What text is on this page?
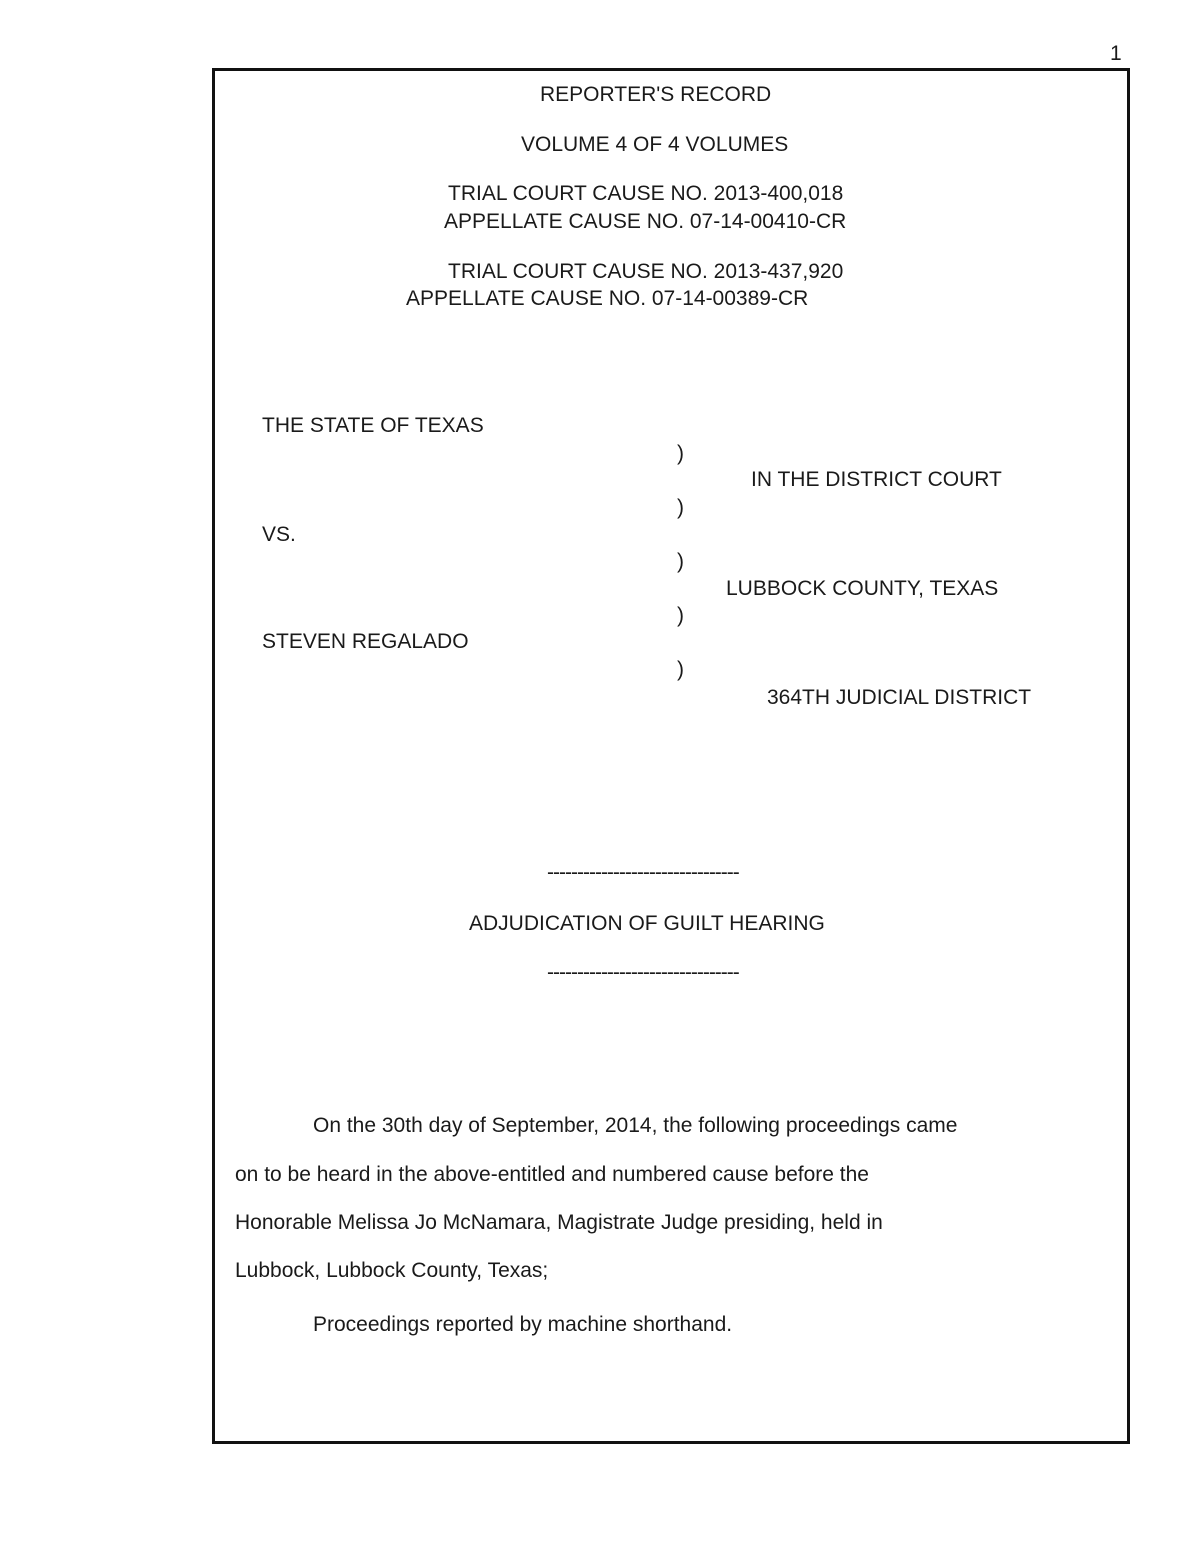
1
REPORTER'S RECORD
VOLUME 4 OF 4 VOLUMES
TRIAL COURT CAUSE NO. 2013-400,018
APPELLATE CAUSE NO. 07-14-00410-CR
TRIAL COURT CAUSE NO. 2013-437,920
APPELLATE CAUSE NO. 07-14-00389-CR
THE STATE OF TEXAS
VS.
STEVEN REGALADO
)
)
)
)
)
IN THE DISTRICT COURT
LUBBOCK COUNTY, TEXAS
364TH JUDICIAL DISTRICT
--------------------------------
ADJUDICATION OF GUILT HEARING
--------------------------------
On the 30th day of September, 2014, the following proceedings came
on to be heard in the above-entitled and numbered cause before the
Honorable Melissa Jo McNamara, Magistrate Judge presiding, held in
Lubbock, Lubbock County, Texas;
Proceedings reported by machine shorthand.
